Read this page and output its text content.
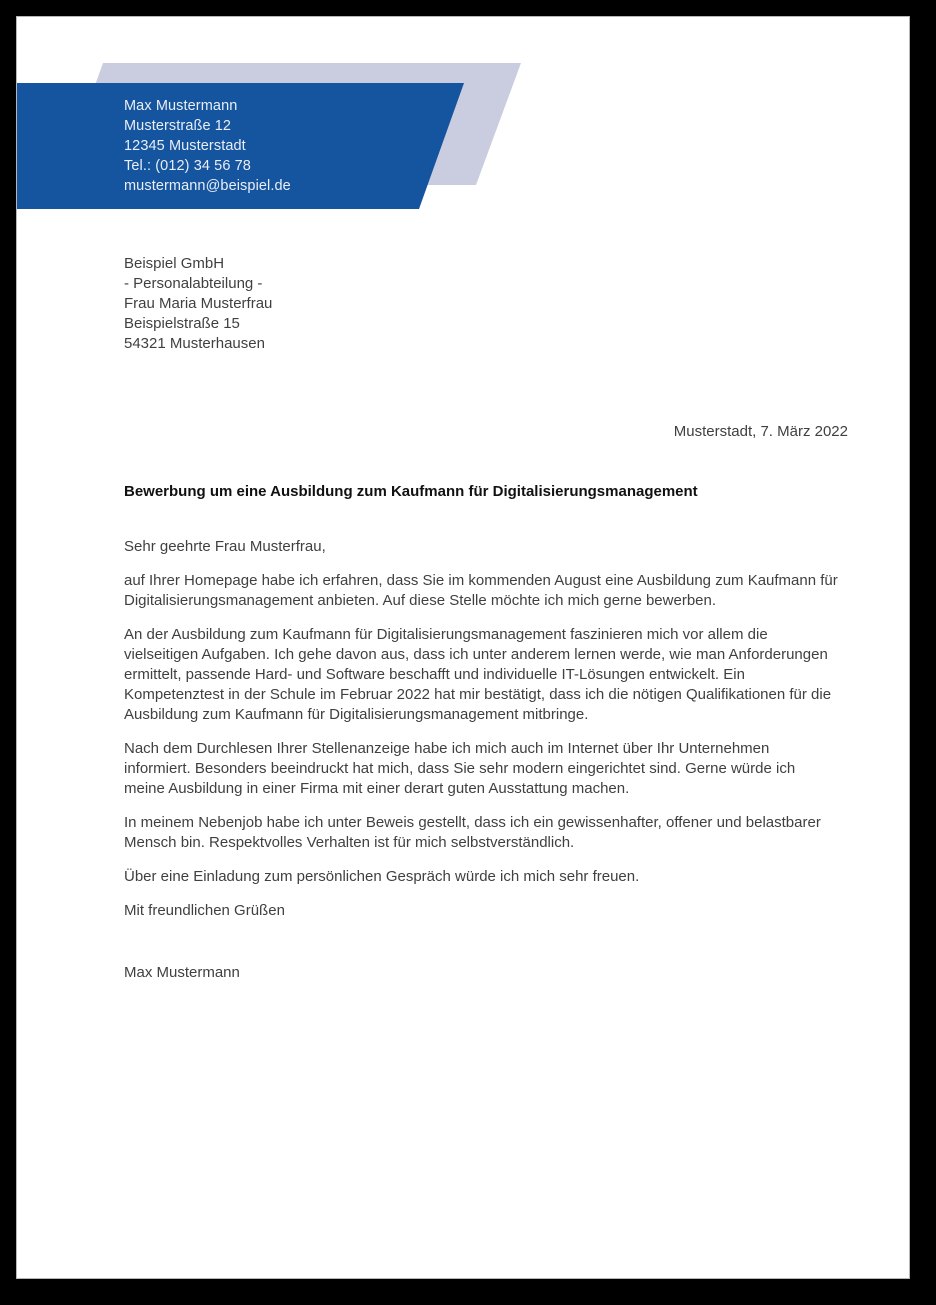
Max Mustermann
Musterstraße 12
12345 Musterstadt
Tel.: (012) 34 56 78
mustermann@beispiel.de
Beispiel GmbH
- Personalabteilung -
Frau Maria Musterfrau
Beispielstraße 15
54321 Musterhausen
Musterstadt, 7. März 2022
Bewerbung um eine Ausbildung zum Kaufmann für Digitalisierungsmanagement

Sehr geehrte Frau Musterfrau,

auf Ihrer Homepage habe ich erfahren, dass Sie im kommenden August eine Ausbildung zum Kaufmann für Digitalisierungsmanagement anbieten. Auf diese Stelle möchte ich mich gerne bewerben.

An der Ausbildung zum Kaufmann für Digitalisierungsmanagement faszinieren mich vor allem die vielseitigen Aufgaben. Ich gehe davon aus, dass ich unter anderem lernen werde, wie man Anforderungen ermittelt, passende Hard- und Software beschafft und individuelle IT-Lösungen entwickelt. Ein Kompetenztest in der Schule im Februar 2022 hat mir bestätigt, dass ich die nötigen Qualifikationen für die Ausbildung zum Kaufmann für Digitalisierungsmanagement mitbringe.

Nach dem Durchlesen Ihrer Stellenanzeige habe ich mich auch im Internet über Ihr Unternehmen informiert. Besonders beeindruckt hat mich, dass Sie sehr modern eingerichtet sind. Gerne würde ich meine Ausbildung in einer Firma mit einer derart guten Ausstattung machen.

In meinem Nebenjob habe ich unter Beweis gestellt, dass ich ein gewissenhafter, offener und belastbarer Mensch bin. Respektvolles Verhalten ist für mich selbstverständlich.

Über eine Einladung zum persönlichen Gespräch würde ich mich sehr freuen.

Mit freundlichen Grüßen

Max Mustermann
